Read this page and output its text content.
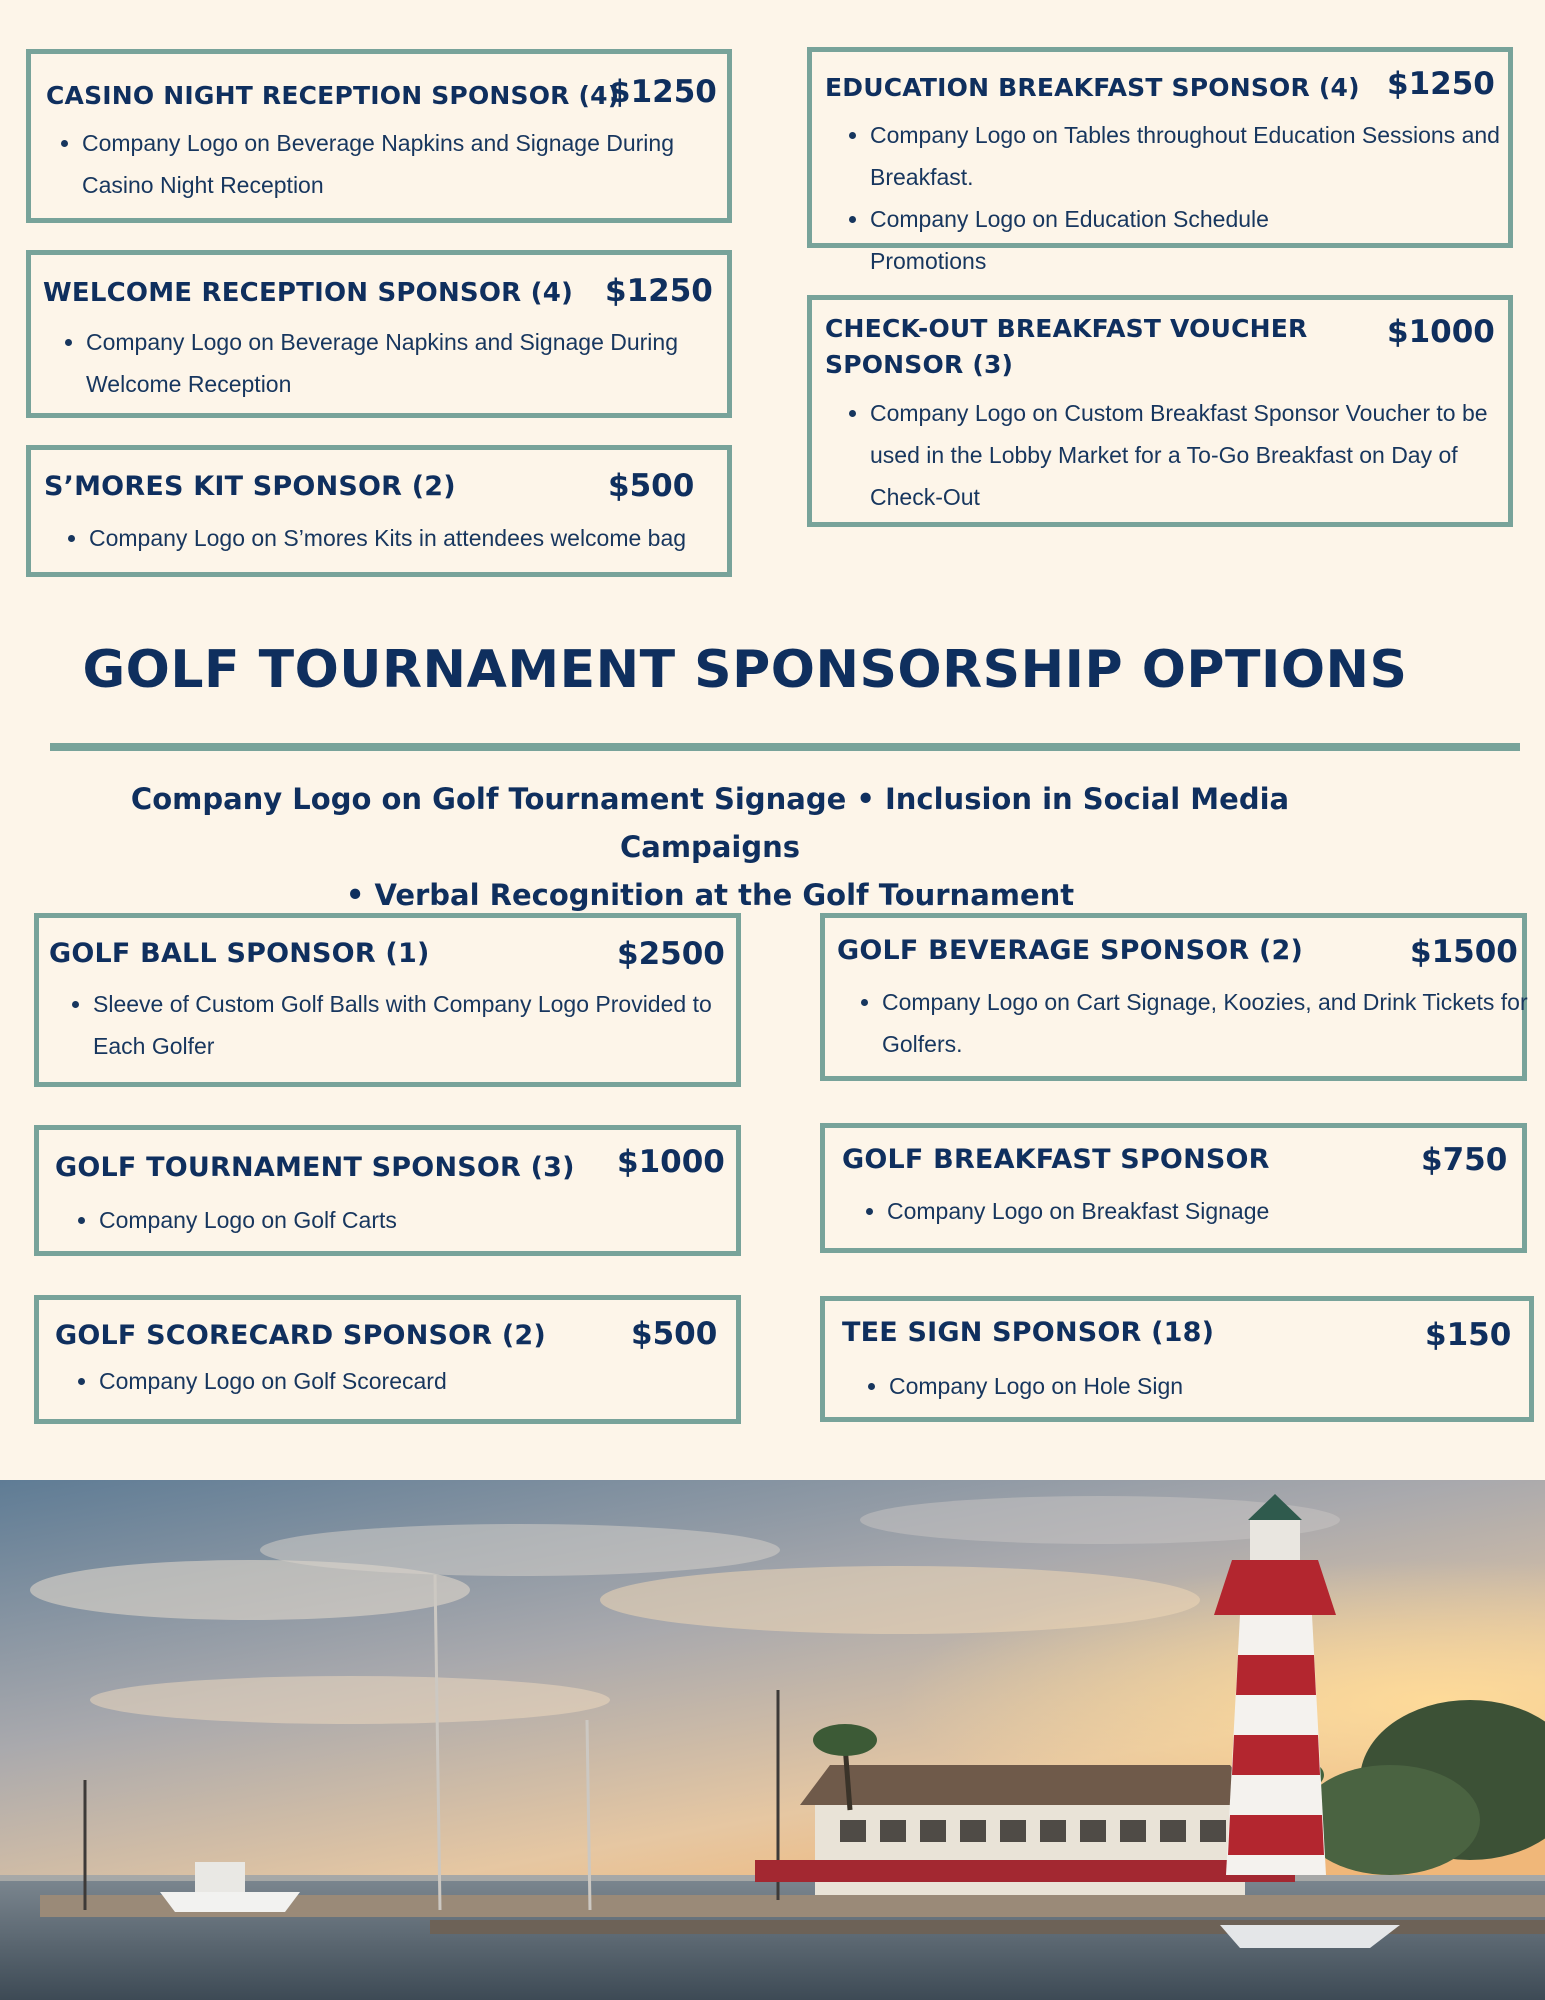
CASINO NIGHT RECEPTION SPONSOR (4)
$1250
• Company Logo on Beverage Napkins and Signage During Casino Night Reception
WELCOME RECEPTION SPONSOR (4) $1250
• Company Logo on Beverage Napkins and Signage During Welcome Reception
S’MORES KIT SPONSOR (2)	$500
• Company Logo on S’mores Kits in attendees welcome bag
EDUCATION BREAKFAST SPONSOR (4) $1250
• Company Logo on Tables throughout Education Sessions and Breakfast.
• Company Logo on Education Schedule Promotions
CHECK-OUT BREAKFAST VOUCHER
SPONSOR (3)
$1000
• Company Logo on Custom Breakfast Sponsor Voucher to be used in the Lobby Market for a To-Go Breakfast on Day of Check-Out
GOLF TOURNAMENT SPONSORSHIP OPTIONS
Company Logo on Golf Tournament Signage • Inclusion in Social Media Campaigns
• Verbal Recognition at the Golf Tournament
GOLF BALL SPONSOR (1)	$2500
• Sleeve of Custom Golf Balls with Company Logo Provided to Each Golfer
GOLF TOURNAMENT SPONSOR (3) $1000
• Company Logo on Golf Carts
GOLF SCORECARD SPONSOR (2)	$500
• Company Logo on Golf Scorecard
GOLF BEVERAGE SPONSOR (2)	$1500
• Company Logo on Cart Signage, Koozies, and Drink Tickets for Golfers.
GOLF BREAKFAST SPONSOR	$750
• Company Logo on Breakfast Signage
TEE SIGN SPONSOR (18)	$150
• Company Logo on Hole Sign
